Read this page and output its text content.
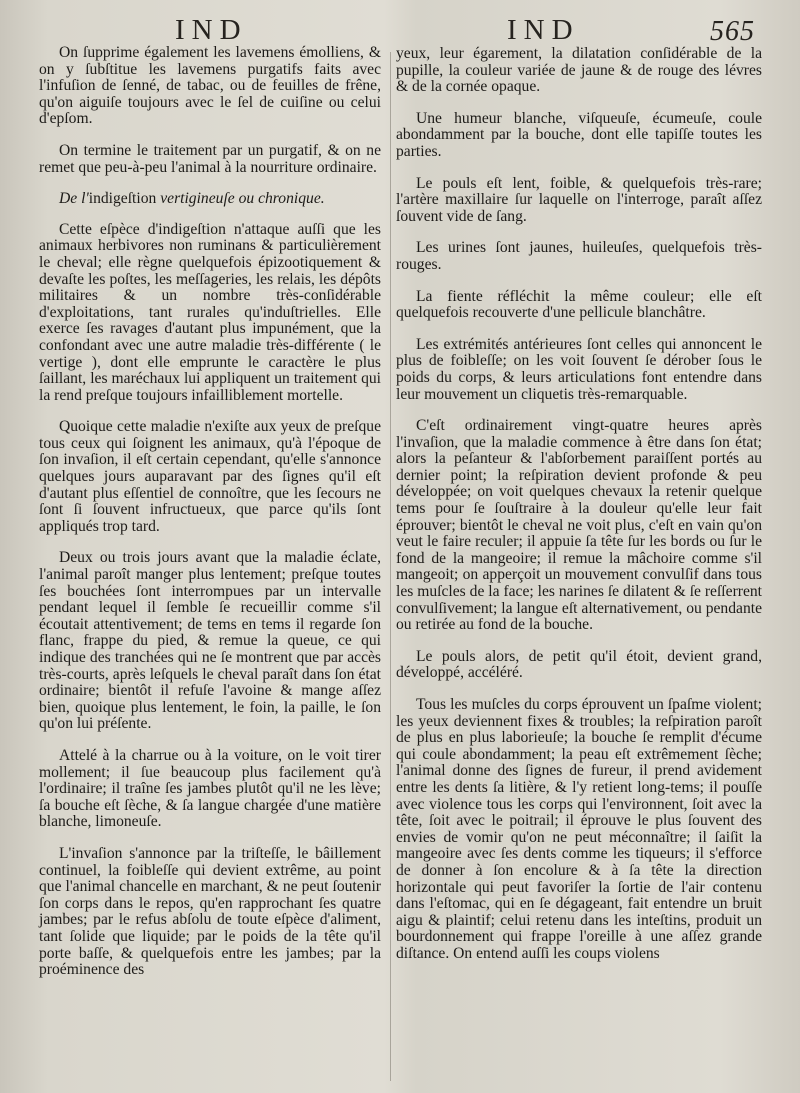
IND	IND	565

On ſupprime également les lavemens émolliens, & on y ſubſtitue les lavemens purgatifs faits avec l'infuſion de ſenné, de tabac, ou de feuilles de frêne, qu'on aiguiſe toujours avec le ſel de cuiſine ou celui d'epſom.

On termine le traitement par un purgatif, & on ne remet que peu-à-peu l'animal à la nourriture ordinaire.

De l'indigeſtion vertigineuſe ou chronique.

Cette eſpèce d'indigeſtion n'attaque auſſi que les animaux herbivores non ruminans & particulièrement le cheval; elle règne quelquefois épizootiquement & devaſte les poſtes, les meſſageries, les relais, les dépôts militaires & un nombre très-conſidérable d'exploitations, tant rurales qu'induſtrielles. Elle exerce ſes ravages d'autant plus impunément, que la confondant avec une autre maladie très-différente ( le vertige ), dont elle emprunte le caractère le plus ſaillant, les maréchaux lui appliquent un traitement qui la rend preſque toujours infailliblement mortelle.

Quoique cette maladie n'exiſte aux yeux de preſque tous ceux qui ſoignent les animaux, qu'à l'époque de ſon invaſion, il eſt certain cependant, qu'elle s'annonce quelques jours auparavant par des ſignes qu'il eſt d'autant plus eſſentiel de connoître, que les ſecours ne ſont ſi ſouvent infructueux, que parce qu'ils ſont appliqués trop tard.

Deux ou trois jours avant que la maladie éclate, l'animal paroît manger plus lentement; preſque toutes ſes bouchées ſont interrompues par un intervalle pendant lequel il ſemble ſe recueillir comme s'il écoutait attentivement; de tems en tems il regarde ſon flanc, frappe du pied, & remue la queue, ce qui indique des tranchées qui ne ſe montrent que par accès très-courts, après leſquels le cheval paraît dans ſon état ordinaire; bientôt il refuſe l'avoine & mange aſſez bien, quoique plus lentement, le foin, la paille, le ſon qu'on lui préſente.

Attelé à la charrue ou à la voiture, on le voit tirer mollement; il ſue beaucoup plus facilement qu'à l'ordinaire; il traîne ſes jambes plutôt qu'il ne les lève; ſa bouche eſt ſèche, & ſa langue chargée d'une matière blanche, limoneuſe.

L'invaſion s'annonce par la triſteſſe, le bâillement continuel, la foibleſſe qui devient extrême, au point que l'animal chancelle en marchant, & ne peut ſoutenir ſon corps dans le repos, qu'en rapprochant ſes quatre jambes; par le refus abſolu de toute eſpèce d'aliment, tant ſolide que liquide; par le poids de la tête qu'il porte baſſe, & quelquefois entre les jambes; par la proéminence des

yeux, leur égarement, la dilatation conſidérable de la pupille, la couleur variée de jaune & de rouge des lévres & de la cornée opaque.

Une humeur blanche, viſqueuſe, écumeuſe, coule abondamment par la bouche, dont elle tapiſſe toutes les parties.

Le pouls eſt lent, foible, & quelquefois très-rare; l'artère maxillaire ſur laquelle on l'interroge, paraît aſſez ſouvent vide de ſang.

Les urines ſont jaunes, huileuſes, quelquefois très-rouges.

La fiente réfléchit la même couleur; elle eſt quelquefois recouverte d'une pellicule blanchâtre.

Les extrémités antérieures ſont celles qui annoncent le plus de foibleſſe; on les voit ſouvent ſe dérober ſous le poids du corps, & leurs articulations font entendre dans leur mouvement un cliquetis très-remarquable.

C'eſt ordinairement vingt-quatre heures après l'invaſion, que la maladie commence à être dans ſon état; alors la peſanteur & l'abſorbement paraiſſent portés au dernier point; la reſpiration devient profonde & peu développée; on voit quelques chevaux la retenir quelque tems pour ſe ſouſtraire à la douleur qu'elle leur fait éprouver; bientôt le cheval ne voit plus, c'eſt en vain qu'on veut le faire reculer; il appuie ſa tête ſur les bords ou ſur le fond de la mangeoire; il remue la mâchoire comme s'il mangeoit; on apperçoit un mouvement convulſif dans tous les muſcles de la face; les narines ſe dilatent & ſe reſſerrent convulſivement; la langue eſt alternativement, ou pendante ou retirée au fond de la bouche.

Le pouls alors, de petit qu'il étoit, devient grand, développé, accéléré.

Tous les muſcles du corps éprouvent un ſpaſme violent; les yeux deviennent fixes & troubles; la reſpiration paroît de plus en plus laborieuſe; la bouche ſe remplit d'écume qui coule abondamment; la peau eſt extrêmement ſèche; l'animal donne des ſignes de fureur, il prend avidement entre les dents ſa litière, & l'y retient long-tems; il pouſſe avec violence tous les corps qui l'environnent, ſoit avec la tête, ſoit avec le poitrail; il éprouve le plus ſouvent des envies de vomir qu'on ne peut méconnaître; il ſaiſit la mangeoire avec ſes dents comme les tiqueurs; il s'efforce de donner à ſon encolure & à ſa tête la direction horizontale qui peut favoriſer la ſortie de l'air contenu dans l'eſtomac, qui en ſe dégageant, fait entendre un bruit aigu & plaintif; celui retenu dans les inteſtins, produit un bourdonnement qui frappe l'oreille à une aſſez grande diſtance. On entend auſſi les coups violens
